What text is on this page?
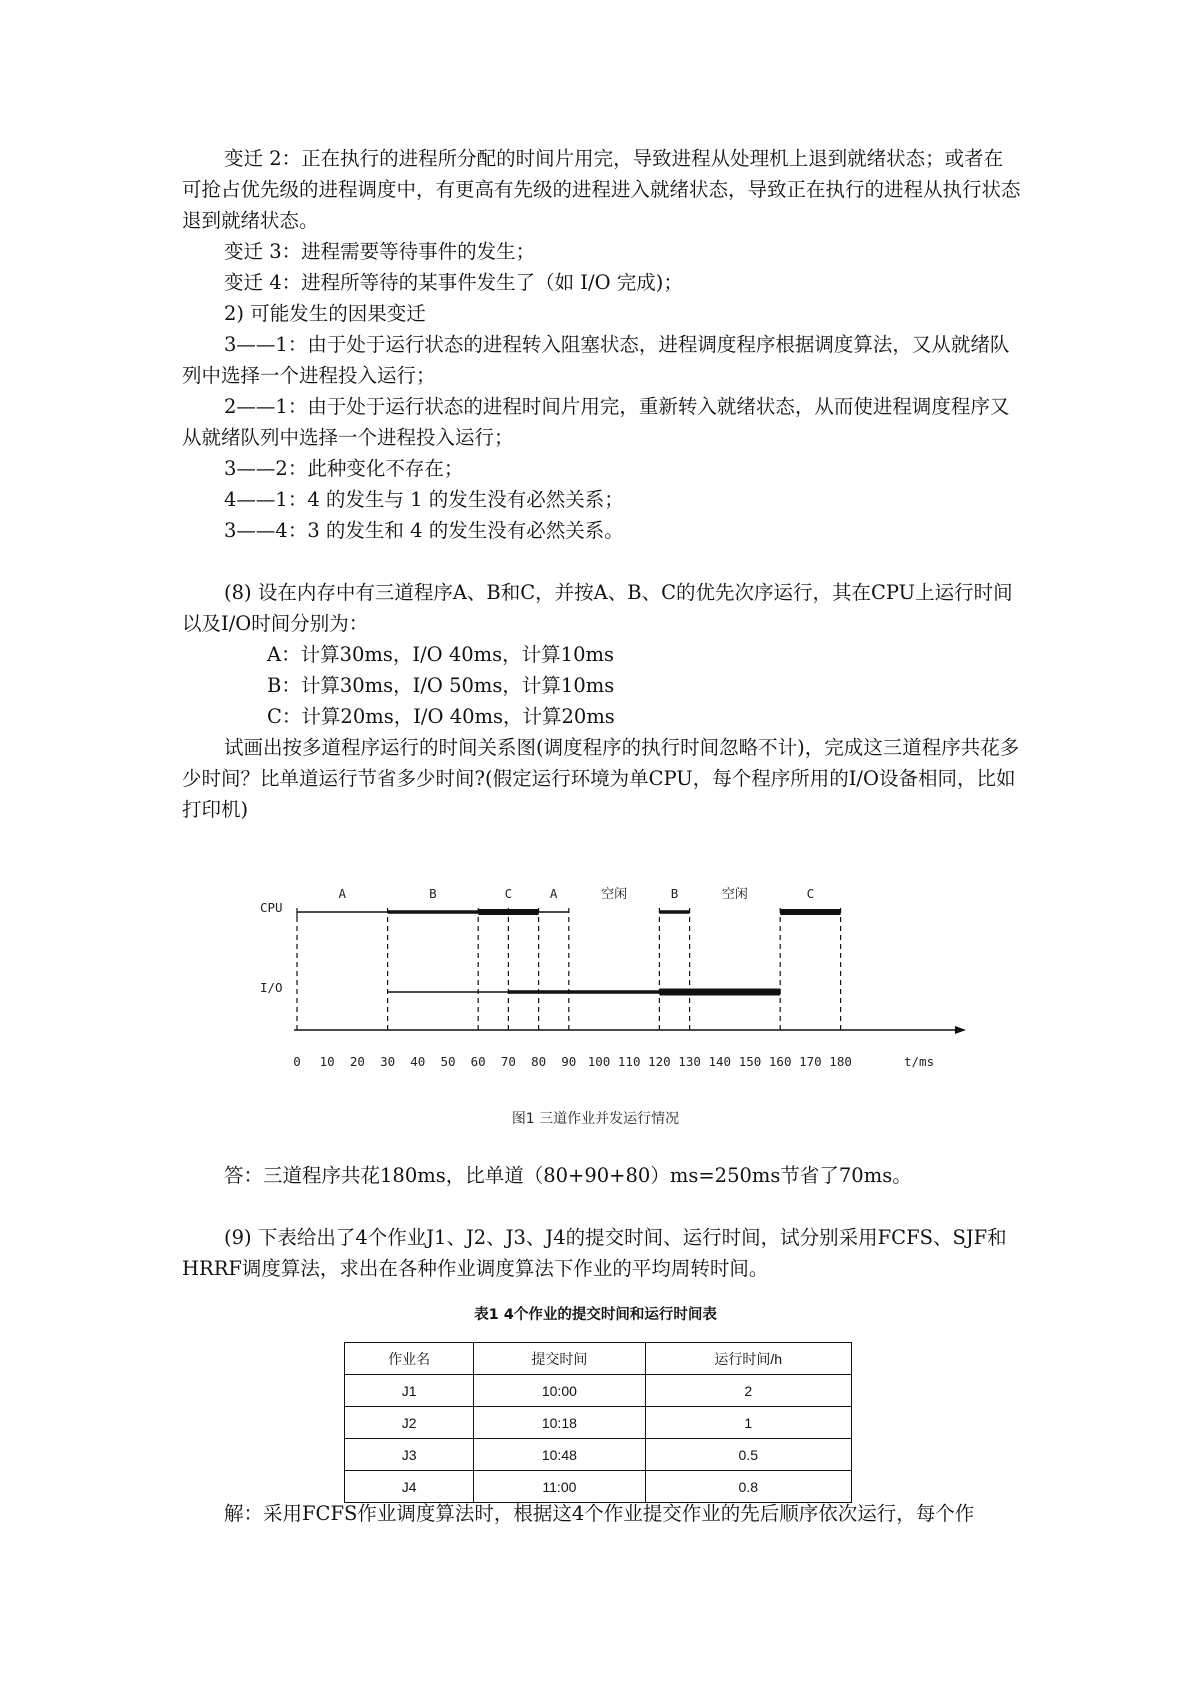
变迁 2：正在执行的进程所分配的时间片用完，导致进程从处理机上退到就绪状态；或者在可抢占优先级的进程调度中，有更高有先级的进程进入就绪状态，导致正在执行的进程从执行状态退到就绪状态。

变迁 3：进程需要等待事件的发生；

变迁 4：进程所等待的某事件发生了（如 I/O 完成)；

2) 可能发生的因果变迁

3——1：由于处于运行状态的进程转入阻塞状态，进程调度程序根据调度算法，又从就绪队列中选择一个进程投入运行；

2——1：由于处于运行状态的进程时间片用完，重新转入就绪状态，从而使进程调度程序又从就绪队列中选择一个进程投入运行；

3——2：此种变化不存在；

4——1：4 的发生与 1 的发生没有必然关系；

3——4：3 的发生和 4 的发生没有必然关系。

(8) 设在内存中有三道程序A、B和C，并按A、B、C的优先次序运行，其在CPU上运行时间以及I/O时间分别为：

A：计算30ms，I/O 40ms，计算10ms

B：计算30ms，I/O 50ms，计算10ms

C：计算20ms，I/O 40ms，计算20ms

试画出按多道程序运行的时间关系图(调度程序的执行时间忽略不计)，完成这三道程序共花多少时间？比单道运行节省多少时间?(假定运行环境为单CPU，每个程序所用的I/O设备相同，比如打印机)

CPU
I/O
A	B	C	A	空闲	B	空闲	C
0 10 20 30 40 50 60 70 80 90 100 110 120 130 140 150 160 170 180	t/ms
图1 三道作业并发运行情况

答：三道程序共花180ms，比单道（80+90+80）ms=250ms节省了70ms。

(9) 下表给出了4个作业J1、J2、J3、J4的提交时间、运行时间，试分别采用FCFS、SJF和HRRF调度算法，求出在各种作业调度算法下作业的平均周转时间。

表1 4个作业的提交时间和运行时间表
作业名	提交时间	运行时间/h
J1	10:00	2
J2	10:18	1
J3	10:48	0.5
J4	11:00	0.8

解：采用FCFS作业调度算法时，根据这4个作业提交作业的先后顺序依次运行，每个作
